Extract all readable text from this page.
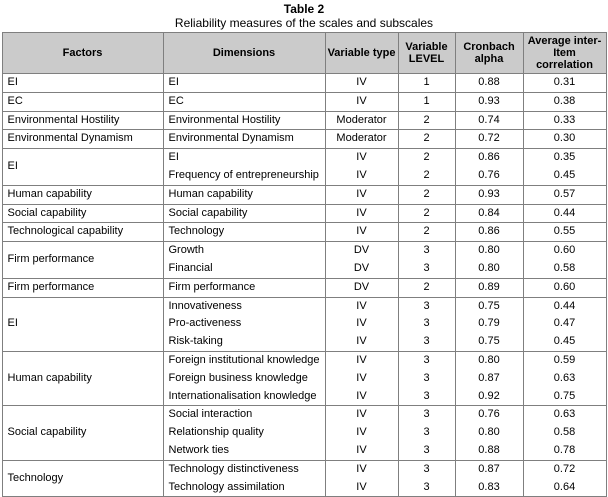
Table 2
Reliability measures of the scales and subscales
Factors	Dimensions	Variable type	Variable LEVEL	Cronbach alpha	Average inter-Item correlation
EI	EI	IV	1	0.88	0.31
EC	EC	IV	1	0.93	0.38
Environmental Hostility	Environmental Hostility	Moderator	2	0.74	0.33
Environmental Dynamism	Environmental Dynamism	Moderator	2	0.72	0.30
EI	EI	IV	2	0.86	0.35
	Frequency of entrepreneurship	IV	2	0.76	0.45
Human capability	Human capability	IV	2	0.93	0.57
Social capability	Social capability	IV	2	0.84	0.44
Technological capability	Technology	IV	2	0.86	0.55
Firm performance	Growth	DV	3	0.80	0.60
	Financial	DV	3	0.80	0.58
Firm performance	Firm performance	DV	2	0.89	0.60
EI	Innovativeness	IV	3	0.75	0.44
	Pro-activeness	IV	3	0.79	0.47
	Risk-taking	IV	3	0.75	0.45
Human capability	Foreign institutional knowledge	IV	3	0.80	0.59
	Foreign business knowledge	IV	3	0.87	0.63
	Internationalisation knowledge	IV	3	0.92	0.75
Social capability	Social interaction	IV	3	0.76	0.63
	Relationship quality	IV	3	0.80	0.58
	Network ties	IV	3	0.88	0.78
Technology	Technology distinctiveness	IV	3	0.87	0.72
	Technology assimilation	IV	3	0.83	0.64
